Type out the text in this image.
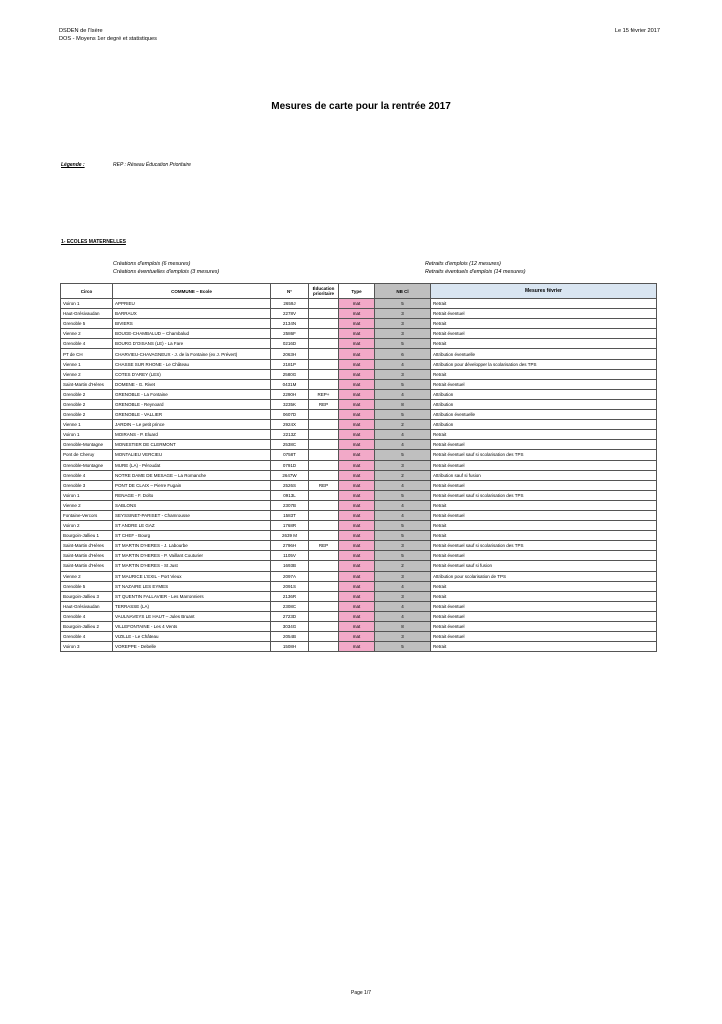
DSDEN de l'Isère
DOS - Moyens 1er degré et statistiques
Le 15 février 2017
Mesures de carte pour la rentrée 2017
Légende :	REP : Réseau Éducation Prioritaire
1- ECOLES MATERNELLES
Créations d'emplois (6 mesures)
Créations éventuelles d'emplois (3 mesures)
Retraits d'emplois (12 mesures)
Retraits éventuels d'emplois (14 mesures)
Circo	COMMUNE – Ecole	N°	Éducation prioritaire	Type	NB Cl	Mesures février
Voiron 1	APPRIEU	2659J		mat	5	Retrait
Haut-Grésivaudan	BARRAUX	2278V		mat	3	Retrait éventuel
Grenoble 5	BIVIERS	2134N		mat	3	Retrait
Vienne 2	BOUGE-CHAMBALUD – Chambalud	2586F		mat	3	Retrait éventuel
Grenoble 4	BOURG D'OISANS (LE) - La Fare	0216D		mat	5	Retrait
PT de CH	CHARVIEU-CHAVAGNEUX - J. de la Fontaine (ex J. Prévert)	2063H		mat	6	Attribution éventuelle
Vienne 1	CHASSE SUR RHONE - Le Château	2181P		mat	4	Attribution pour développer la scolarisation des TPS
Vienne 2	COTES D'AREY (LES)	2580G		mat	3	Retrait
Saint-Martin d'Hères	DOMENE - G. Rivet	0431M		mat	5	Retrait éventuel
Grenoble 2	GRENOBLE - La Fontaine	2290H	REP+	mat	4	Attribution
Grenoble 2	GRENOBLE - Reynoard	3235K	REP	mat	8	Attribution
Grenoble 2	GRENOBLE - VALLIER	0607D		mat	5	Attribution éventuelle
Vienne 1	JARDIN – Le petit prince	2924X		mat	2	Attribution
Voiron 1	MOIRANS - P. Eluard	2213Z		mat	4	Retrait
Grenoble-Montagne	MONESTIER DE CLERMONT	2538C		mat	4	Retrait éventuel
Pont de Cheruy	MONTALIEU VERCIEU	0758T		mat	5	Retrait éventuel sauf si scolarisation des TPS
Grenoble-Montagne	MURE (LA) - Péroudat	0791D		mat	3	Retrait éventuel
Grenoble 4	NOTRE DAME DE MESAGE – La Romanche	2647W		mat	2	Attribution sauf si fusion
Grenoble 3	PONT DE CLAIX – Pierre Fugain	2526S	REP	mat	4	Retrait éventuel
Voiron 1	RENAGE - F. Dolto	0913L		mat	5	Retrait éventuel sauf si scolarisation des TPS
Vienne 2	SABLONS	2307B		mat	4	Retrait
Fontaine-Vercors	SEYSSINET-PARISET - Chamrousse	1583T		mat	4	Retrait éventuel
Voiron 2	ST ANDRE LE GAZ	1768R		mat	5	Retrait
Bourgoin-Jallieu 1	ST CHEF - Bourg	2639 M		mat	5	Retrait
Saint-Martin d'Hères	ST MARTIN D'HERES - J. Labourbe	2796H	REP	mat	3	Retrait éventuel sauf si scolarisation des TPS
Saint-Martin d'Hères	ST MARTIN D'HERES - P. Vaillant Couturier	1105V		mat	5	Retrait éventuel
Saint-Martin d'Hères	ST MARTIN D'HERES - St Just	1693B		mat	2	Retrait éventuel sauf si fusion
Vienne 2	ST MAURICE L'EXIL - Port Vieux	2097A		mat	3	Attribution pour scolarisation de TPS
Grenoble 5	ST NAZAIRE LES EYMES	2091S		mat	4	Retrait
Bourgoin-Jallieu 3	ST QUENTIN FALLAVIER - Les Marronniers	2136R		mat	3	Retrait
Haut-Grésivaudan	TERRASSE (LA)	2308C		mat	4	Retrait éventuel
Grenoble 4	VAULNAVEYS LE HAUT – Jules Bruant	2723D		mat	4	Retrait éventuel
Bourgoin-Jallieu 2	VILLEFONTAINE - Les 4 Vents	3034G		mat	8	Retrait éventuel
Grenoble 4	VIZILLE - Le Château	2054B		mat	3	Retrait éventuel
Voiron 3	VOREPPE - Debelle	1508H		mat	5	Retrait
Page 1/7
